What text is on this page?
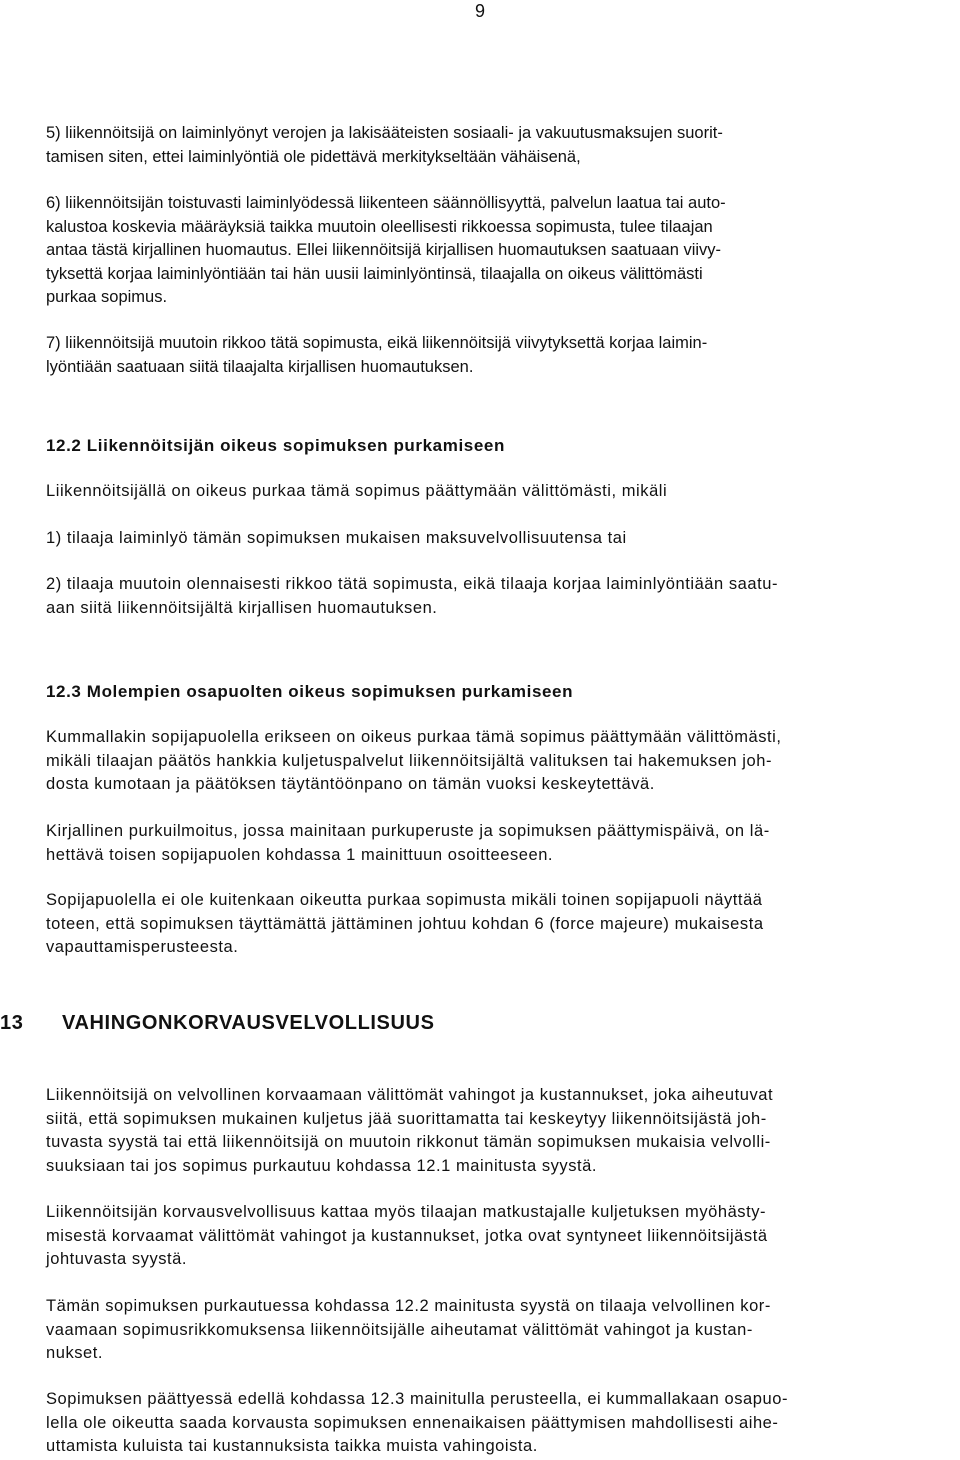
9

5) liikennöitsijä on laiminlyönyt verojen ja lakisääteisten sosiaali- ja vakuutusmaksujen suorit-
tamisen siten, ettei laiminlyöntiä ole pidettävä merkitykseltään vähäisenä,

6) liikennöitsijän toistuvasti laiminlyödessä liikenteen säännöllisyyttä, palvelun laatua tai auto-
kalustoa koskevia määräyksiä taikka muutoin oleellisesti rikkoessa sopimusta, tulee tilaajan
antaa tästä kirjallinen huomautus. Ellei liikennöitsijä kirjallisen huomautuksen saatuaan viivy-
tyksettä korjaa laiminlyöntiään tai hän uusii laiminlyöntinsä, tilaajalla on oikeus välittömästi
purkaa sopimus.

7) liikennöitsijä muutoin rikkoo tätä sopimusta, eikä liikennöitsijä viivytyksettä korjaa laimin-
lyöntiään saatuaan siitä tilaajalta kirjallisen huomautuksen.

12.2 Liikennöitsijän oikeus sopimuksen purkamiseen

Liikennöitsijällä on oikeus purkaa tämä sopimus päättymään välittömästi, mikäli

1) tilaaja laiminlyö tämän sopimuksen mukaisen maksuvelvollisuutensa tai

2) tilaaja muutoin olennaisesti rikkoo tätä sopimusta, eikä tilaaja korjaa laiminlyöntiään saatu-
aan siitä liikennöitsijältä kirjallisen huomautuksen.

12.3 Molempien osapuolten oikeus sopimuksen purkamiseen

Kummallakin sopijapuolella erikseen on oikeus purkaa tämä sopimus päättymään välittömästi,
mikäli tilaajan päätös hankkia kuljetuspalvelut liikennöitsijältä valituksen tai hakemuksen joh-
dosta kumotaan ja päätöksen täytäntöönpano on tämän vuoksi keskeytettävä.

Kirjallinen purkuilmoitus, jossa mainitaan purkuperuste ja sopimuksen päättymispäivä, on lä-
hettävä toisen sopijapuolen kohdassa 1 mainittuun osoitteeseen.

Sopijapuolella ei ole kuitenkaan oikeutta purkaa sopimusta mikäli toinen sopijapuoli näyttää
toteen, että sopimuksen täyttämättä jättäminen johtuu kohdan 6 (force majeure) mukaisesta
vapauttamisperusteesta.

13 VAHINGONKORVAUSVELVOLLISUUS

Liikennöitsijä on velvollinen korvaamaan välittömät vahingot ja kustannukset, joka aiheutuvat
siitä, että sopimuksen mukainen kuljetus jää suorittamatta tai keskeytyy liikennöitsijästä joh-
tuvasta syystä tai että liikennöitsijä on muutoin rikkonut tämän sopimuksen mukaisia velvolli-
suuksiaan tai jos sopimus purkautuu kohdassa 12.1 mainitusta syystä.

Liikennöitsijän korvausvelvollisuus kattaa myös tilaajan matkustajalle kuljetuksen myöhästy-
misestä korvaamat välittömät vahingot ja kustannukset, jotka ovat syntyneet liikennöitsijästä
johtuvasta syystä.

Tämän sopimuksen purkautuessa kohdassa 12.2 mainitusta syystä on tilaaja velvollinen kor-
vaamaan sopimusrikkomuksensa liikennöitsijälle aiheutamat välittömät vahingot ja kustan-
nukset.

Sopimuksen päättyessä edellä kohdassa 12.3 mainitulla perusteella, ei kummallakaan osapuo-
lella ole oikeutta saada korvausta sopimuksen ennenaikaisen päättymisen mahdollisesti aihe-
uttamista kuluista tai kustannuksista taikka muista vahingoista.
